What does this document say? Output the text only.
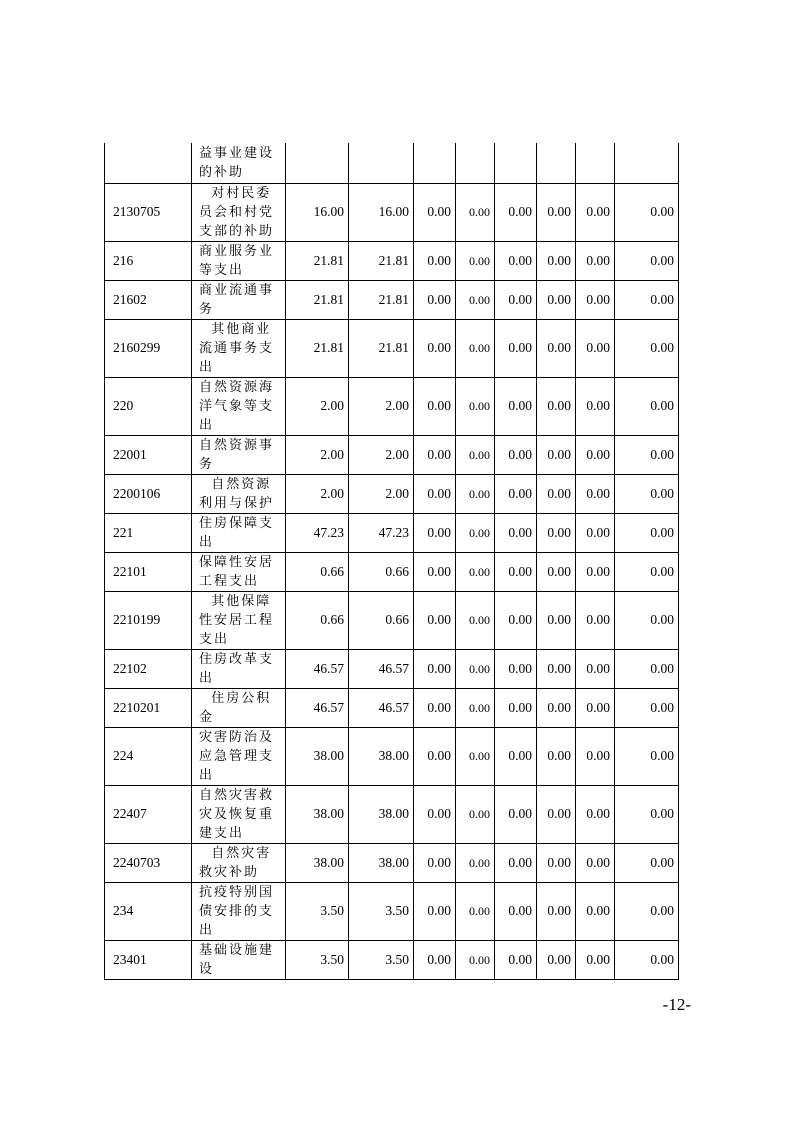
	益事业建设的补助								
2130705	对村民委员会和村党支部的补助	16.00	16.00	0.00	0.00	0.00	0.00	0.00	0.00
216	商业服务业等支出	21.81	21.81	0.00	0.00	0.00	0.00	0.00	0.00
21602	商业流通事务	21.81	21.81	0.00	0.00	0.00	0.00	0.00	0.00
2160299	其他商业流通事务支出	21.81	21.81	0.00	0.00	0.00	0.00	0.00	0.00
220	自然资源海洋气象等支出	2.00	2.00	0.00	0.00	0.00	0.00	0.00	0.00
22001	自然资源事务	2.00	2.00	0.00	0.00	0.00	0.00	0.00	0.00
2200106	自然资源利用与保护	2.00	2.00	0.00	0.00	0.00	0.00	0.00	0.00
221	住房保障支出	47.23	47.23	0.00	0.00	0.00	0.00	0.00	0.00
22101	保障性安居工程支出	0.66	0.66	0.00	0.00	0.00	0.00	0.00	0.00
2210199	其他保障性安居工程支出	0.66	0.66	0.00	0.00	0.00	0.00	0.00	0.00
22102	住房改革支出	46.57	46.57	0.00	0.00	0.00	0.00	0.00	0.00
2210201	住房公积金	46.57	46.57	0.00	0.00	0.00	0.00	0.00	0.00
224	灾害防治及应急管理支出	38.00	38.00	0.00	0.00	0.00	0.00	0.00	0.00
22407	自然灾害救灾及恢复重建支出	38.00	38.00	0.00	0.00	0.00	0.00	0.00	0.00
2240703	自然灾害救灾补助	38.00	38.00	0.00	0.00	0.00	0.00	0.00	0.00
234	抗疫特别国债安排的支出	3.50	3.50	0.00	0.00	0.00	0.00	0.00	0.00
23401	基础设施建设	3.50	3.50	0.00	0.00	0.00	0.00	0.00	0.00
-12-
